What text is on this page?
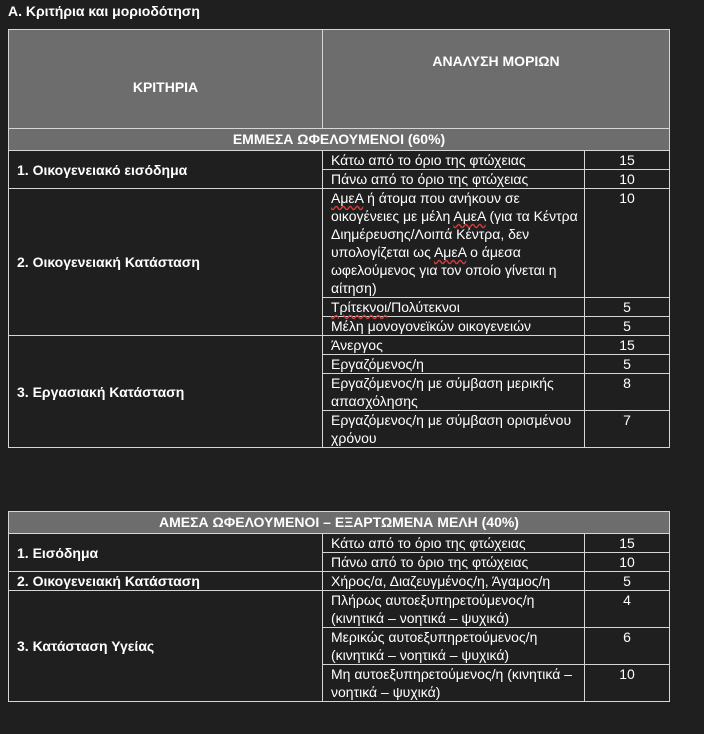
Α. Κριτήρια και μοριοδότηση
ΚΡΙΤΗΡΙΑ	ΑΝΑΛΥΣΗ ΜΟΡΙΩΝ	
ΕΜΜΕΣΑ ΩΦΕΛΟΥΜΕΝΟΙ (60%)		
1. Οικογενειακό εισόδημα	Κάτω από το όριο της φτώχειας	15
	Πάνω από το όριο της φτώχειας	10
2. Οικογενειακή Κατάσταση	ΑμεΑ ή άτομα που ανήκουν σε οικογένειες με μέλη ΑμεΑ (για τα Κέντρα Διημέρευσης/Λοιπά Κέντρα, δεν υπολογίζεται ως ΑμεΑ ο άμεσα ωφελούμενος για τον οποίο γίνεται η αίτηση)	10
	Τρίτεκνοι/Πολύτεκνοι	5
	Μέλη μονογονεϊκών οικογενειών	5
3. Εργασιακή Κατάσταση	Άνεργος	15
	Εργαζόμενος/η	5
	Εργαζόμενος/η με σύμβαση μερικής απασχόλησης	8
	Εργαζόμενος/η με σύμβαση ορισμένου χρόνου	7
ΑΜΕΣΑ ΩΦΕΛΟΥΜΕΝΟΙ – ΕΞΑΡΤΩΜΕΝΑ ΜΕΛΗ (40%)		
1. Εισόδημα	Κάτω από το όριο της φτώχειας	15
	Πάνω από το όριο της φτώχειας	10
2. Οικογενειακή Κατάσταση	Χήρος/α, Διαζευγμένος/η, Άγαμος/η	5
3. Κατάσταση Υγείας	Πλήρως αυτοεξυπηρετούμενος/η (κινητικά – νοητικά – ψυχικά)	4
	Μερικώς αυτοεξυπηρετούμενος/η (κινητικά – νοητικά – ψυχικά)	6
	Μη αυτοεξυπηρετούμενος/η (κινητικά – νοητικά – ψυχικά)	10
